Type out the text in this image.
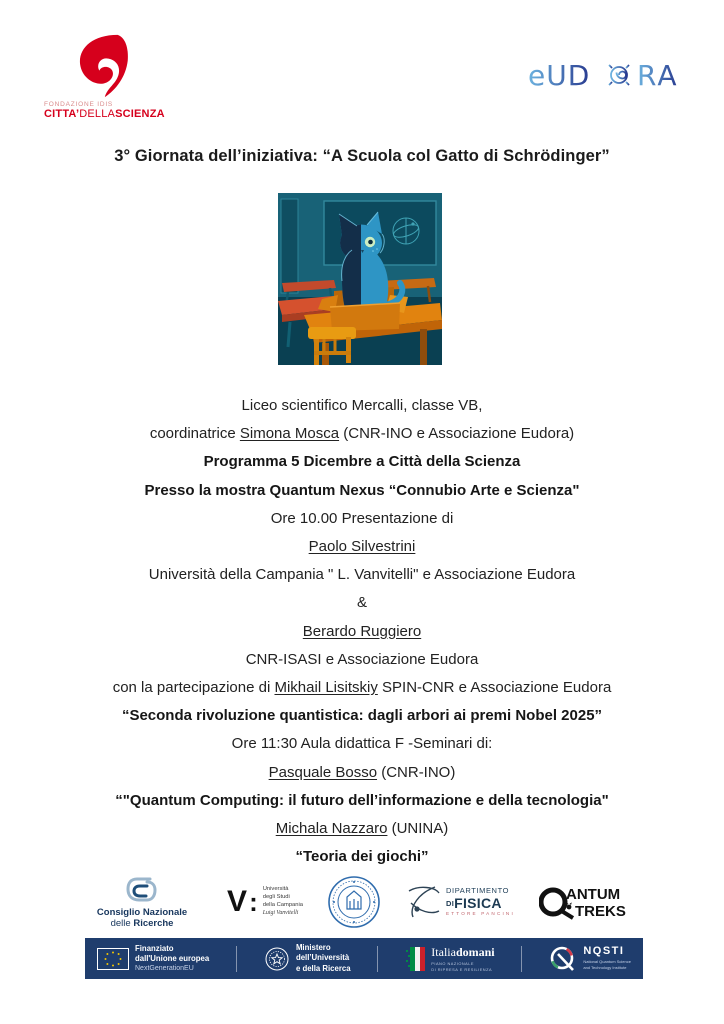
FONDAZIONE IDIS
CITTA’DELLASCIENZA
eUD RA
3° Giornata dell’iniziativa: “A Scuola col Gatto di Schrödinger”
Liceo scientifico Mercalli, classe VB,
coordinatrice Simona Mosca (CNR-INO e Associazione Eudora)
Programma 5 Dicembre a Città della Scienza
Presso la mostra Quantum Nexus “Connubio Arte e Scienza"
Ore 10.00 Presentazione di
Paolo Silvestrini
Università della Campania " L. Vanvitelli" e Associazione Eudora
&
Berardo Ruggiero
CNR-ISASI e Associazione Eudora
con la partecipazione di Mikhail Lisitskiy SPIN-CNR e Associazione Eudora
“Seconda rivoluzione quantistica: dagli arbori ai premi Nobel 2025”
Ore 11:30 Aula didattica F -Seminari di:
Pasquale Bosso (CNR-INO)
“"Quantum Computing: il futuro dell’informazione e della tecnologia"
Michala Nazzaro (UNINA)
“Teoria dei giochi”
Consiglio Nazionale
delle Ricerche
V : Università
degli Studi
della Campania
Luigi Vanvitelli
DIPARTIMENTO
DIFISICA
ETTORE PANCINI
ANTUM
TREKS
Finanziato
dall'Unione europea
NextGenerationEU
Ministero
dell’Università
e della Ricerca
Italiadomani
PIANO NAZIONALE
DI RIPRESA E RESILIENZA
NQSTI
National Quantum Science
and Technology Institute
